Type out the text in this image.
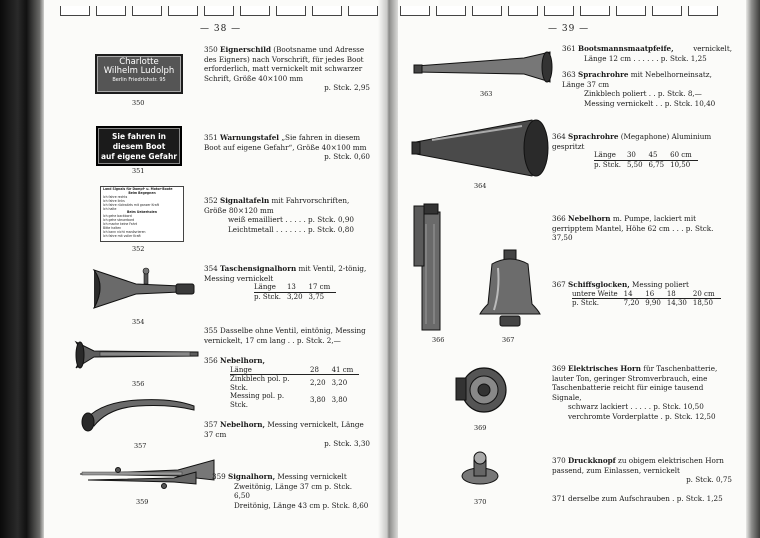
— 38 —	— 39 —
Charlotte
Wilhelm Ludolph
Berlin Friedrichstr. 95
350
Sie fahren in diesem Boot
auf eigene Gefahr
351
Land Signals für Dampf- u. Motor-Boote
Beim Begegnen
Ich fahre rechts
Ich fahre links
Ich fahre rückwärts mit ganzer Kraft
Ich halte
Beim Ueberholen
Ich gehe backbord
Ich gehe steuerbord
Ich mache keine Fahrt
Bitte halten
Ich kann nicht manövrieren
Ich fahre mit voller Kraft
352
354
356
357
359
350 Eignerschild (Bootsname und Adresse des Eigners) nach Vorschrift, für jedes Boot erforderlich, matt vernickelt mit schwarzer Schrift, Größe 40×100 mm
p. Stck. 2,95
351 Warnungstafel „Sie fahren in diesem Boot auf eigene Gefahr“, Größe 40×100 mm
p. Stck. 0,60
352 Signaltafeln mit Fahrvorschriften, Größe 80×120 mm
weiß emailliert . . . . . p. Stck. 0,90
Leichtmetall . . . . . . . p. Stck. 0,80
354 Taschensignalhorn mit Ventil, 2-tönig, Messing vernickelt
Länge	13	17 cm
p. Stck.	3,20	3,75
355 Dasselbe ohne Ventil, eintönig, Messing vernickelt, 17 cm lang . . p. Stck. 2,—
356 Nebelhorn,
Länge	28	41 cm
Zinkblech pol. p. Stck.	2,20	3,20
Messing pol. p. Stck.	3,80	3,80
357 Nebelhorn, Messing vernickelt, Länge 37 cm
p. Stck. 3,30
359 Signalhorn, Messing vernickelt
Zweitönig, Länge 37 cm p. Stck. 6,50
Dreitönig, Länge 43 cm p. Stck. 8,60
363
364
366	367
369
370
361 Bootsmannsmaatpfeife,	vernickelt,
Länge 12 cm . . . . . . p. Stck. 1,25
363 Sprachrohre mit Nebelhorneinsatz, Länge 37 cm
Zinkblech poliert . . p. Stck. 8,—
Messing vernickelt . . p. Stck. 10,40
364 Sprachrohre (Megaphone) Aluminium gespritzt
Länge	30	45	60 cm
p. Stck.	5,50	6,75	10,50
366 Nebelhorn m. Pumpe, lackiert mit gerripptem Mantel, Höhe 62 cm . . . p. Stck. 37,50
367 Schiffsglocken, Messing poliert
untere Weite	14	16	18	20 cm
p. Stck.	7,20	9,90	14,30	18,50
369 Elektrisches Horn für Taschenbatterie, lauter Ton, geringer Stromverbrauch, eine Taschenbatterie reicht für einige tausend Signale,
schwarz lackiert . . . . . p. Stck. 10,50
verchromte Vorderplatte . p. Stck. 12,50
370 Druckknopf zu obigem elektrischen Horn passend, zum Einlassen, vernickelt
p. Stck. 0,75
371 derselbe zum Aufschrauben . p. Stck. 1,25
